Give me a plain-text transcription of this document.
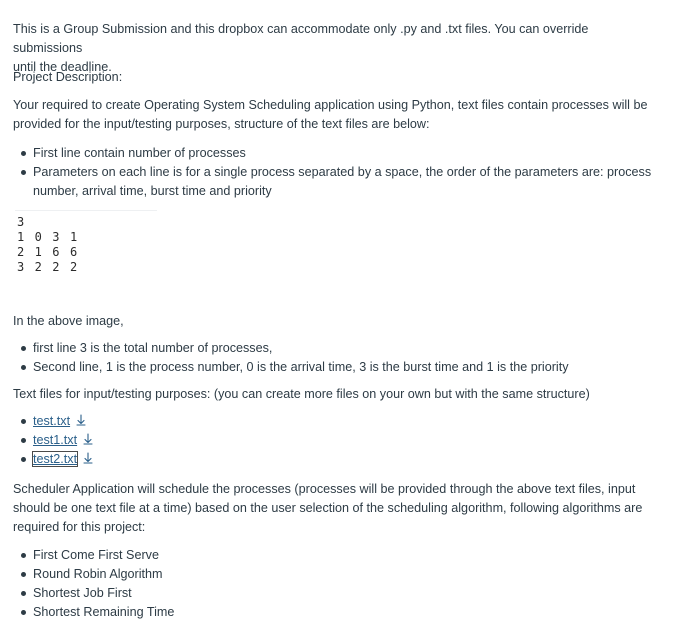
This is a Group Submission and this dropbox can accommodate only .py and .txt files. You can override submissions

until the deadline.

Project Description:

Your required to create Operating System Scheduling application using Python, text files contain processes will be

provided for the input/testing purposes, structure of the text files are below:

First line contain number of processes
Parameters on each line is for a single process separated by a space, the order of the parameters are: process
number, arrival time, burst time and priority
3
1 0 3 1
2 1 6 6
3 2 2 2

In the above image,

first line 3 is the total number of processes,
Second line, 1 is the process number, 0 is the arrival time, 3 is the burst time and 1 is the priority

Text files for input/testing purposes: (you can create more files on your own but with the same structure)

test.txt
test1.txt
test2.txt

Scheduler Application will schedule the processes (processes will be provided through the above text files, input

should be one text file at a time) based on the user selection of the scheduling algorithm, following algorithms are

required for this project:

First Come First Serve
Round Robin Algorithm
Shortest Job First
Shortest Remaining Time
